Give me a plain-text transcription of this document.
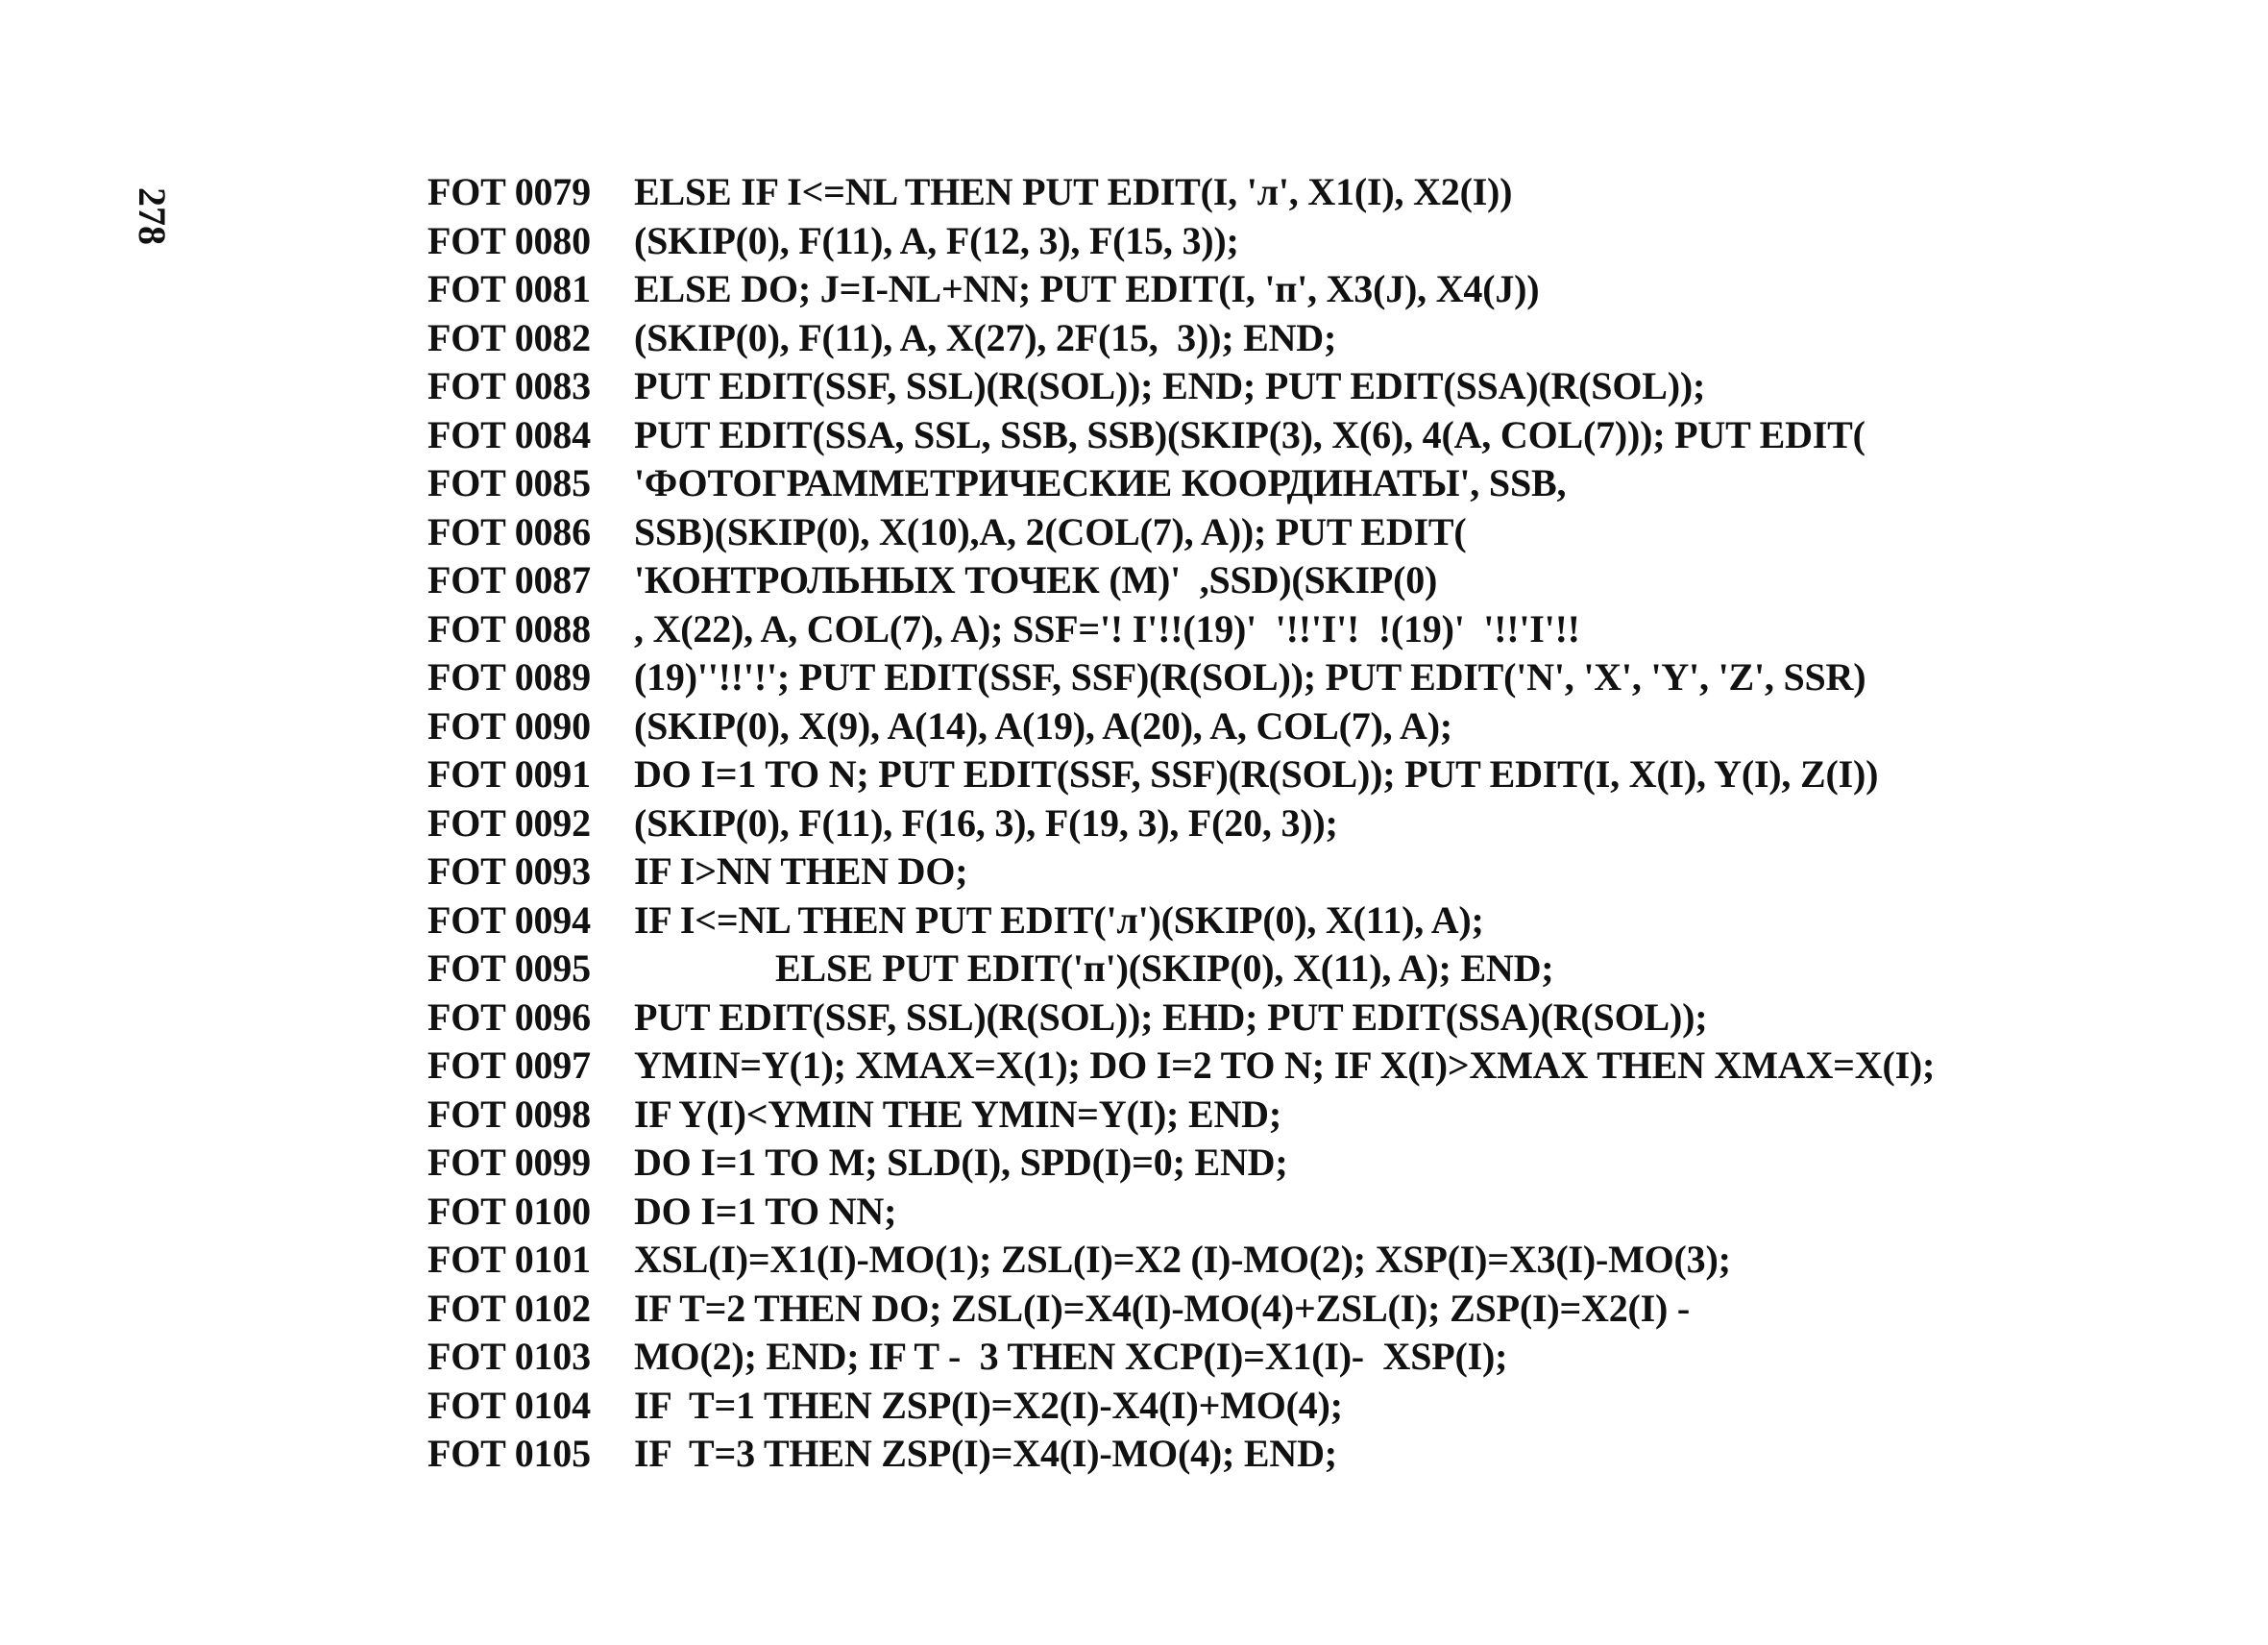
278	FOT 0079 ELSE IF I<=NL THEN PUT EDIT(I, 'л', X1(I), X2(I))
FOT 0080 (SKIP(0), F(11), A, F(12, 3), F(15, 3));
FOT 0081 ELSE DO; J=I-NL+NN; PUT EDIT(I, 'п', X3(J), X4(J))
FOT 0082 (SKIP(0), F(11), A, X(27), 2F(15,  3)); END;
FOT 0083 PUT EDIT(SSF, SSL)(R(SOL)); END; PUT EDIT(SSA)(R(SOL));
FOT 0084 PUT EDIT(SSA, SSL, SSB, SSB)(SKIP(3), X(6), 4(A, COL(7))); PUT EDIT(
FOT 0085 'ФОТОГРАММЕТРИЧЕСКИЕ КООРДИНАТЫ', SSB,
FOT 0086 SSB)(SKIP(0), X(10),A, 2(COL(7), A)); PUT EDIT(
FOT 0087 'КОНТРОЛЬНЫХ ТОЧЕК (М)'  ,SSD)(SKIP(0)
FOT 0088 , X(22), A, COL(7), A); SSF='! I'!!(19)'  '!!'I'!  !(19)'  '!!'I'!!
FOT 0089 (19)''!!'!'; PUT EDIT(SSF, SSF)(R(SOL)); PUT EDIT('N', 'X', 'Y', 'Z', SSR)
FOT 0090 (SKIP(0), X(9), A(14), A(19), A(20), A, COL(7), A);
FOT 0091 DO I=1 TO N; PUT EDIT(SSF, SSF)(R(SOL)); PUT EDIT(I, X(I), Y(I), Z(I))
FOT 0092 (SKIP(0), F(11), F(16, 3), F(19, 3), F(20, 3));
FOT 0093 IF I>NN THEN DO;
FOT 0094 IF I<=NL THEN PUT EDIT('л')(SKIP(0), X(11), A);
FOT 0095               ELSE PUT EDIT('п')(SKIP(0), X(11), A); END;
FOT 0096 PUT EDIT(SSF, SSL)(R(SOL)); EHD; PUT EDIT(SSA)(R(SOL));
FOT 0097 YMIN=Y(1); XMAX=X(1); DO I=2 TO N; IF X(I)>XMAX THEN XMAX=X(I);
FOT 0098 IF Y(I)<YMIN THE YMIN=Y(I); END;
FOT 0099 DO I=1 TO M; SLD(I), SPD(I)=0; END;
FOT 0100 DO I=1 TO NN;
FOT 0101 XSL(I)=X1(I)-MO(1); ZSL(I)=X2 (I)-MO(2); XSP(I)=X3(I)-MO(3);
FOT 0102 IF T=2 THEN DO; ZSL(I)=X4(I)-MO(4)+ZSL(I); ZSP(I)=X2(I) -
FOT 0103 MO(2); END; IF T -  3 THEN XCP(I)=X1(I)-  XSP(I);
FOT 0104 IF  T=1 THEN ZSP(I)=X2(I)-X4(I)+MO(4);
FOT 0105 IF  T=3 THEN ZSP(I)=X4(I)-MO(4); END;
